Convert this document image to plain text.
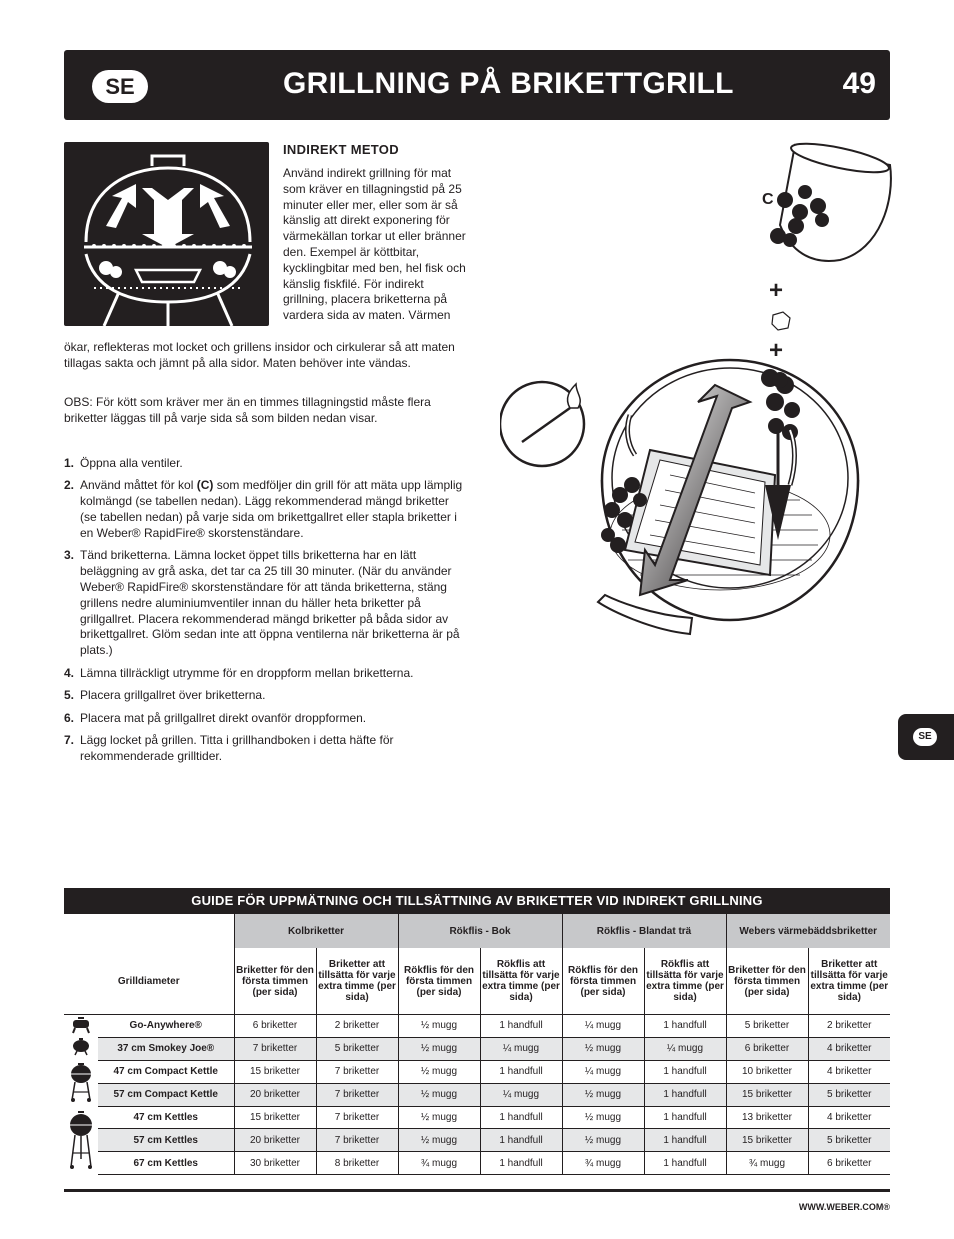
SE	GRILLNING PÅ BRIKETTGRILL	49
SE
INDIREKT METOD
Använd indirekt grillning för mat som kräver en tillagningstid på 25 minuter eller mer, eller som är så känslig att direkt exponering för värmekällan torkar ut eller bränner den. Exempel är köttbitar, kycklingbitar med ben, hel fisk och känslig fiskfilé. För indirekt grillning, placera briketterna på vardera sida av maten. Värmen
ökar, reflekteras mot locket och grillens insidor och cirkulerar så att maten tillagas sakta och jämnt på alla sidor. Maten behöver inte vändas.
OBS: För kött som kräver mer än en timmes tillagningstid måste flera briketter läggas till på varje sida så som bilden nedan visar.
1. Öppna alla ventiler.
2. Använd måttet för kol (C) som medföljer din grill för att mäta upp lämplig kolmängd (se tabellen nedan). Lägg rekommenderad mängd briketter (se tabellen nedan) på varje sida om brikettgallret eller stapla briketter i en Weber® RapidFire® skorstenständare.
3. Tänd briketterna. Lämna locket öppet tills briketterna har en lätt beläggning av grå aska, det tar ca 25 till 30 minuter. (När du använder Weber® RapidFire® skorstenständare för att tända briketterna, stäng grillens nedre aluminiumventiler innan du häller heta briketter på grillgallret. Placera rekommenderad mängd briketter på båda sidor av brikettgallret. Glöm sedan inte att öppna ventilerna när briketterna är på plats.)
4. Lämna tillräckligt utrymme för en droppform mellan briketterna.
5. Placera grillgallret över briketterna.
6. Placera mat på grillgallret direkt ovanför droppformen.
7. Lägg locket på grillen. Titta i grillhandboken i detta häfte för rekommenderade grilltider.
C
+
+
GUIDE FÖR UPPMÄTNING OCH TILLSÄTTNING AV BRIKETTER VID INDIREKT GRILLNING
		Kolbriketter		Rökflis - Bok		Rökflis - Blandat trä		Webers värmebäddsbriketter	
Grilldiameter		Briketter för den första timmen (per sida)	Briketter att tillsätta för varje extra timme (per sida)	Rökflis för den första timmen (per sida)	Rökflis att tillsätta för varje extra timme (per sida)	Rökflis för den första timmen (per sida)	Rökflis att tillsätta för varje extra timme (per sida)	Briketter för den första timmen (per sida)	Briketter att tillsätta för varje extra timme (per sida)
	Go-Anywhere®	6 briketter	2 briketter	½ mugg	1 handfull	¼ mugg	1 handfull	5 briketter	2 briketter
	37 cm Smokey Joe®	7 briketter	5 briketter	½ mugg	¼ mugg	½ mugg	¼ mugg	6 briketter	4 briketter
	47 cm Compact Kettle	15 briketter	7 briketter	½ mugg	1 handfull	¼ mugg	1 handfull	10 briketter	4 briketter
	57 cm Compact Kettle	20 briketter	7 briketter	½ mugg	¼ mugg	½ mugg	1 handfull	15 briketter	5 briketter
	47 cm Kettles	15 briketter	7 briketter	½ mugg	1 handfull	½ mugg	1 handfull	13 briketter	4 briketter
	57 cm Kettles	20 briketter	7 briketter	½ mugg	1 handfull	½ mugg	1 handfull	15 briketter	5 briketter
	67 cm Kettles	30 briketter	8 briketter	¾ mugg	1 handfull	¾ mugg	1 handfull	¾ mugg	6 briketter
WWW.WEBER.COM®
